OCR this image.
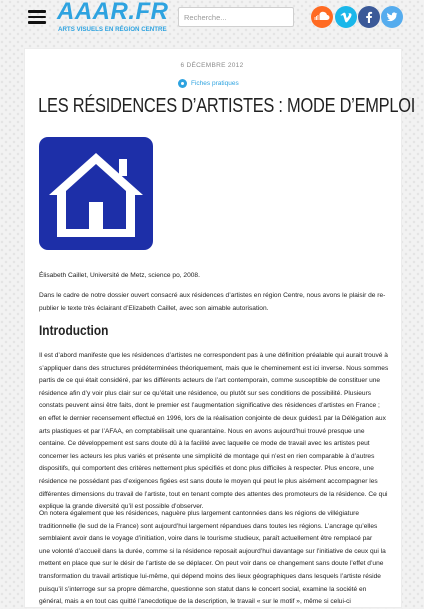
AAAR.FR
ARTS VISUELS EN RÉGION CENTRE
Recherche...
6 DÉCEMBRE 2012
Fiches pratiques
LES RÉSIDENCES D’ARTISTES : MODE D’EMPLOI
Élisabeth Caillet, Université de Metz, science po, 2008.
Dans le cadre de notre dossier ouvert consacré aux résidences d’artistes en région Centre, nous avons le plaisir de re-publier le texte très éclairant d’Elizabeth Caillet, avec son aimable autorisation.
Introduction

Il est d’abord manifeste que les résidences d’artistes ne correspondent pas à une définition préalable qui aurait trouvé à s’appliquer dans des structures prédéterminées théoriquement, mais que le cheminement est ici inverse. Nous sommes partis de ce qui était considéré, par les différents acteurs de l’art contemporain, comme susceptible de constituer une résidence afin d’y voir plus clair sur ce qu’était une résidence, ou plutôt sur ses conditions de possibilité. Plusieurs constats peuvent ainsi être faits, dont le premier est l’augmentation significative des résidences d’artistes en France ; en effet le dernier recensement effectué en 1996, lors de la réalisation conjointe de deux guides1 par la Délégation aux arts plastiques et par l’AFAA, en comptabilisait une quarantaine. Nous en avons aujourd’hui trouvé presque une

centaine. Ce développement est sans doute dû à la facilité avec laquelle ce mode de travail avec les artistes peut concerner les acteurs les plus variés et présente une simplicité de montage qui n’est en rien comparable à d’autres dispositifs, qui comportent des critères nettement plus spécifiés et donc plus difficiles à respecter. Plus encore, une résidence ne possédant pas d’exigences figées est sans doute le moyen qui peut le plus aisément accompagner les différentes dimensions du travail de l’artiste, tout en tenant compte des attentes des promoteurs de la résidence. Ce qui explique la grande diversité qu’il est possible d’observer.

On notera également que les résidences, naguère plus largement cantonnées dans les régions de villégiature traditionnelle (le sud de la France) sont aujourd’hui largement répandues dans toutes les régions. L’ancrage qu’elles semblaient avoir dans le voyage d’initiation, voire dans le tourisme studieux, paraît actuellement être remplacé par

une volonté d’accueil dans la durée, comme si la résidence reposait aujourd’hui davantage sur l’initiative de ceux qui la mettent en place que sur le désir de l’artiste de se déplacer. On peut voir dans ce changement sans doute l’effet d’une transformation du travail artistique lui-même, qui dépend moins des lieux géographiques dans lesquels l’artiste réside puisqu’il s’interroge sur sa propre démarche, questionne son statut dans le concert social, examine la société en général, mais a en tout cas quitté l’anecdotique de la description, le travail « sur le motif », même si celui-ci
